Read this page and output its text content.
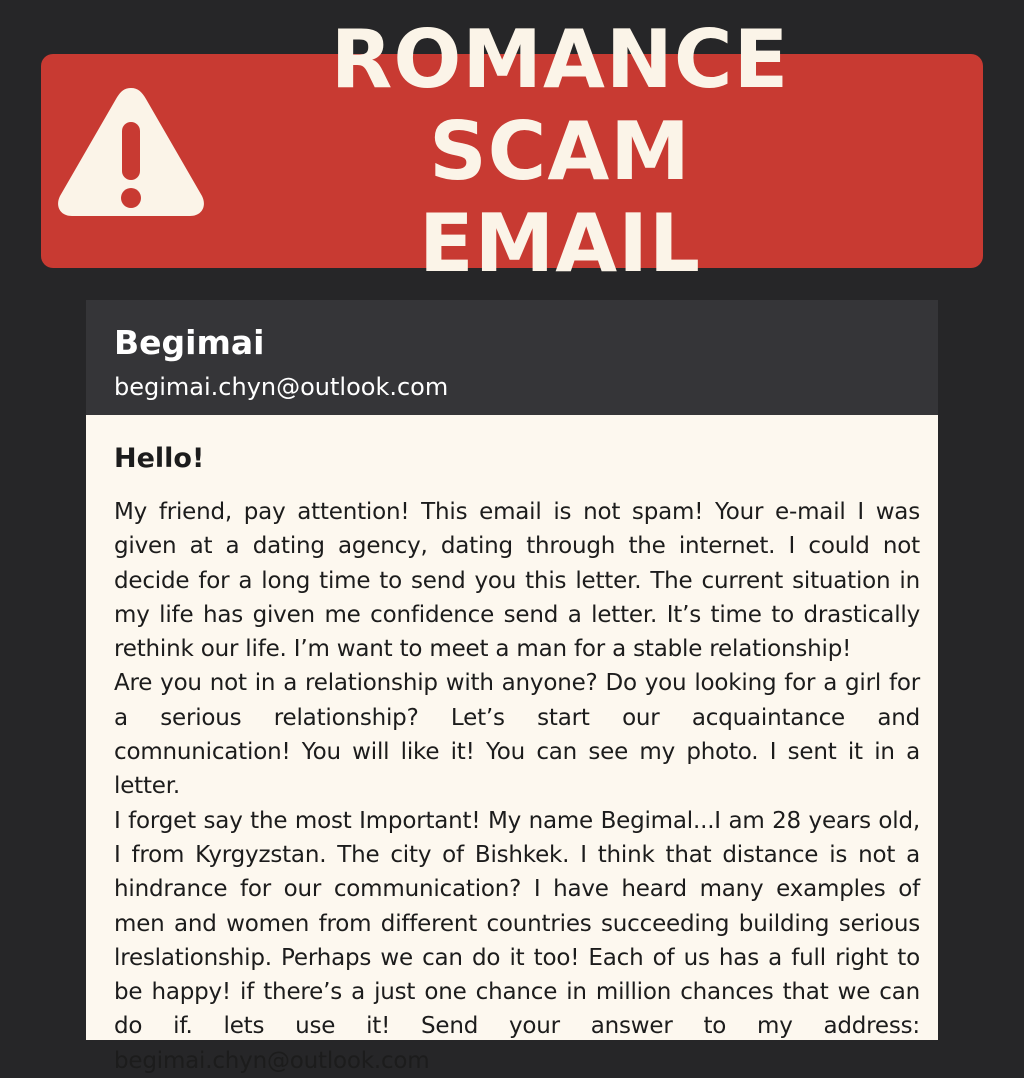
ROMANCE SCAM
EMAIL
Begimai
begimai.chyn@outlook.com
Hello!

My friend, pay attention! This email is not spam! Your e-mail I was given at a dating agency, dating through the internet. I could not decide for a long time to send you this letter. The current situation in my life has given me confidence send a letter. It’s time to drastically rethink our life. I’m want to meet a man for a stable relationship!

Are you not in a relationship with anyone? Do you looking for a girl for a serious relationship? Let’s start our acquaintance and comnunication! You will like it! You can see my photo. I sent it in a letter.

I forget say the most Important! My name Begimal...I am 28 years old, I from Kyrgyzstan. The city of Bishkek. I think that distance is not a hindrance for our communication? I have heard many examples of men and women from different countries succeeding building serious lreslationship. Perhaps we can do it too! Each of us has a full right to be happy! if there’s a just one chance in million chances that we can do if. lets use it! Send your answer to my address: begimai.chyn@outlook.com
